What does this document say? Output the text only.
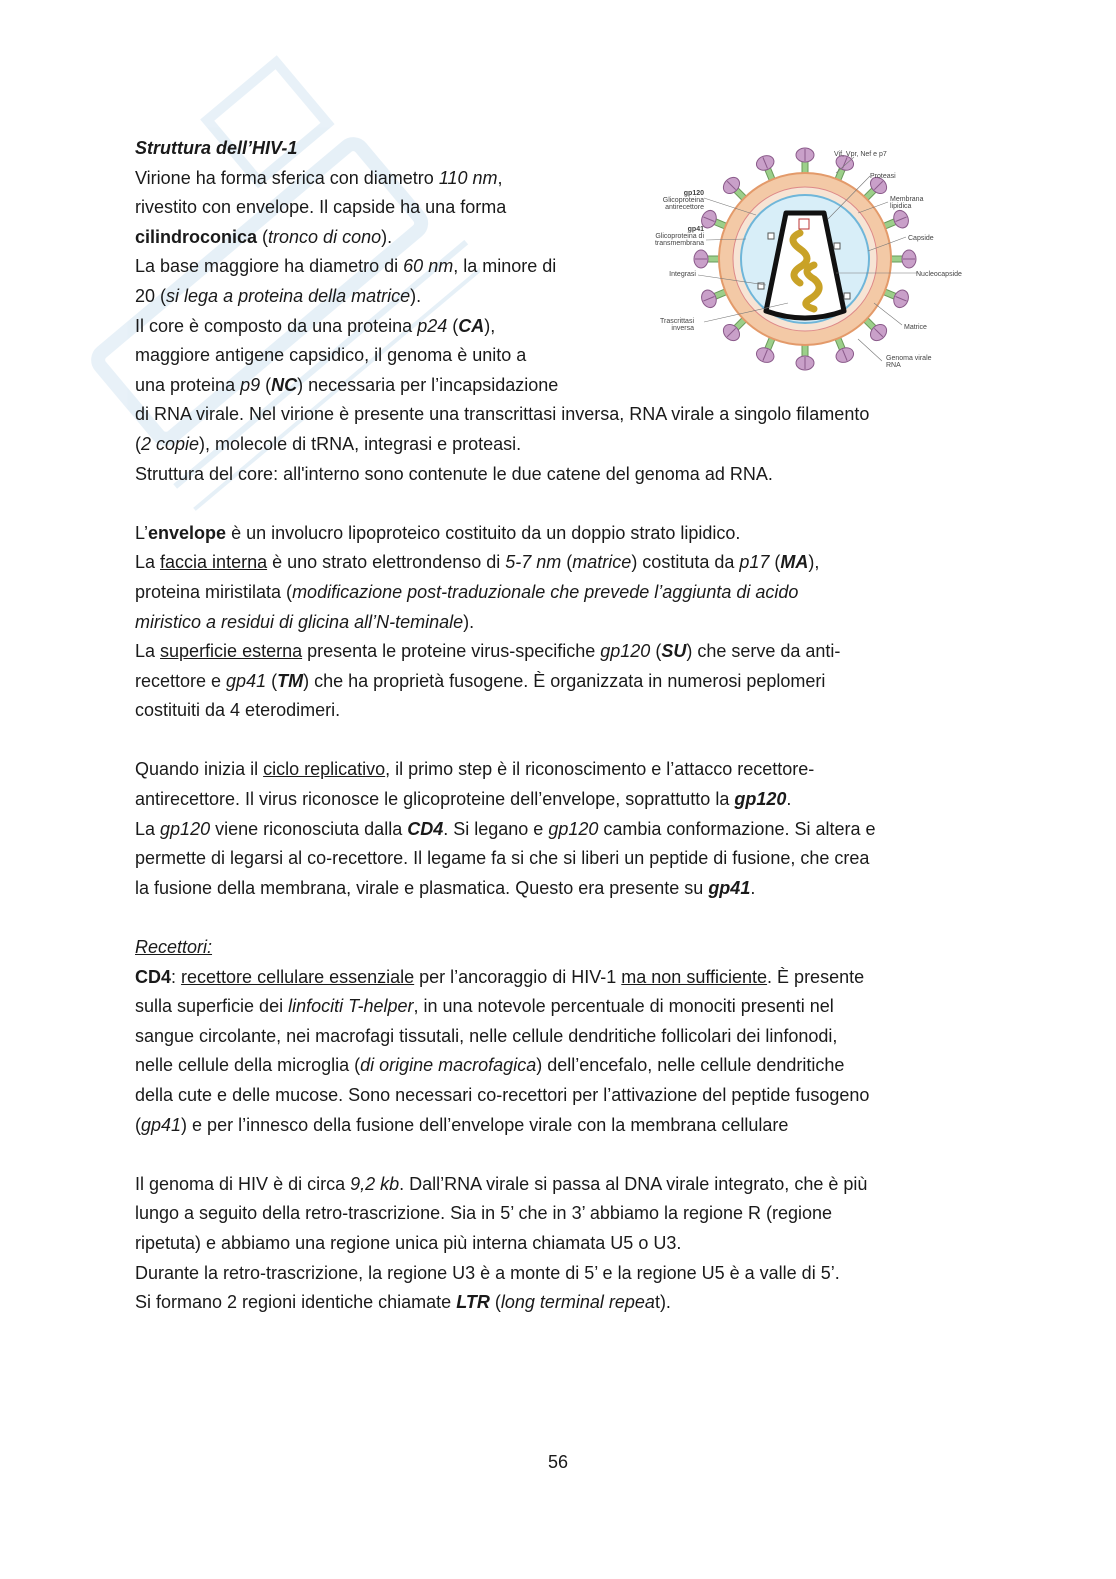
Struttura dell’HIV-1

Virione ha forma sferica con diametro 110 nm,

rivestito con envelope. Il capside ha una forma

cilindroconica (tronco di cono).

La base maggiore ha diametro di 60 nm, la minore di

20 (si lega a proteina della matrice).

Il core è composto da una proteina p24 (CA),

maggiore antigene capsidico, il genoma è unito a

una proteina p9 (NC) necessaria per l’incapsidazione

di RNA virale. Nel virione è presente una transcrittasi inversa, RNA virale a singolo filamento

(2 copie), molecole di tRNA, integrasi e proteasi.

Struttura del core: all'interno sono contenute le due catene del genoma ad RNA.

L’envelope è un involucro lipoproteico costituito da un doppio strato lipidico.

La faccia interna è uno strato elettrondenso di 5-7 nm (matrice) costituta da p17 (MA),

proteina miristilata (modificazione post-traduzionale che prevede l’aggiunta di acido

miristico a residui di glicina all’N-teminale).

La superficie esterna presenta le proteine virus-specifiche gp120 (SU) che serve da anti-

recettore e gp41 (TM) che ha proprietà fusogene. È organizzata in numerosi peplomeri

costituiti da 4 eterodimeri.

Quando inizia il ciclo replicativo, il primo step è il riconoscimento e l’attacco recettore-

antirecettore. Il virus riconosce le glicoproteine dell’envelope, soprattutto la gp120.

La gp120 viene riconosciuta dalla CD4. Si legano e gp120 cambia conformazione. Si altera e

permette di legarsi al co-recettore. Il legame fa si che si liberi un peptide di fusione, che crea

la fusione della membrana, virale e plasmatica. Questo era presente su gp41.

Recettori:

CD4: recettore cellulare essenziale per l’ancoraggio di HIV-1 ma non sufficiente. È presente

sulla superficie dei linfociti T-helper, in una notevole percentuale di monociti presenti nel

sangue circolante, nei macrofagi tissutali, nelle cellule dendritiche follicolari dei linfonodi,

nelle cellule della microglia (di origine macrofagica) dell’encefalo, nelle cellule dendritiche

della cute e delle mucose. Sono necessari co-recettori per l’attivazione del peptide fusogeno

(gp41) e per l’innesco della fusione dell’envelope virale con la membrana cellulare

Il genoma di HIV è di circa 9,2 kb. Dall’RNA virale si passa al DNA virale integrato, che è più

lungo a seguito della retro-trascrizione. Sia in 5’ che in 3’ abbiamo la regione R (regione

ripetuta) e abbiamo una regione unica più interna chiamata U5 o U3.

Durante la retro-trascrizione, la regione U3 è a monte di 5’ e la regione U5 è a valle di 5’.

Si formano 2 regioni identiche chiamate LTR (long terminal repeat).

gp120
Glicoproteina
antirecettore
gp41
Glicoproteina di
transmembrana
Integrasi
Trascrittasi
inversa
Vif, Vpr, Nef e p7
Proteasi
Membrana
lipidica
Capside
Nucleocapside
Matrice
Genoma virale
RNA
56
